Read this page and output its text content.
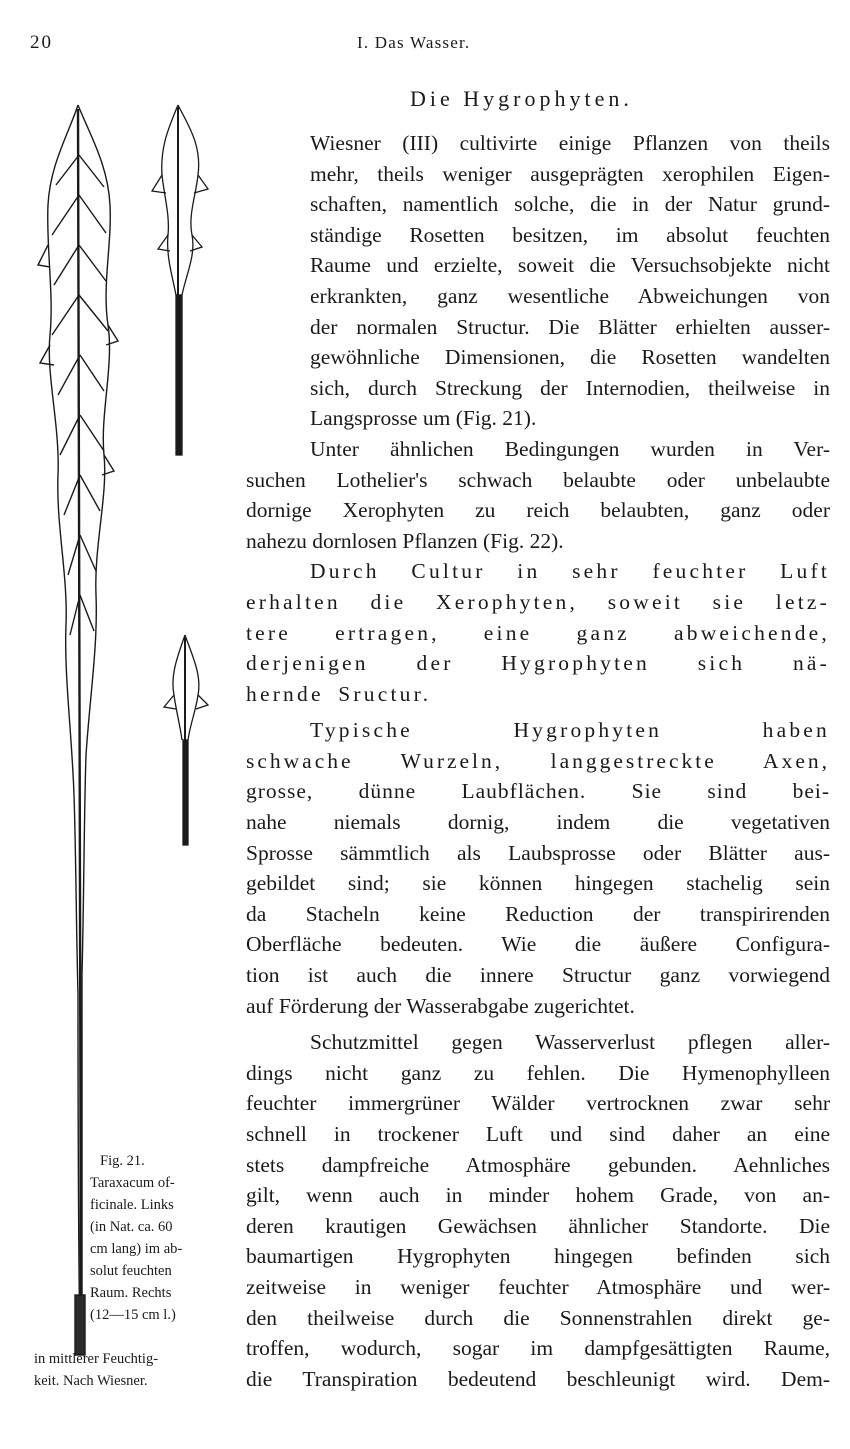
20	I. Das Wasser.
Die Hygrophyten.
Fig. 21.
Taraxacum of-
ficinale. Links
(in Nat. ca. 60
cm lang) im ab-
solut feuchten
Raum. Rechts
(12—15 cm l.)
in mittlerer Feuchtig-
keit. Nach Wiesner.

Wiesner (III) cultivirte einige Pflanzen von theils
mehr, theils weniger ausgeprägten xerophilen Eigen-
schaften, namentlich solche, die in der Natur grund-
ständige Rosetten besitzen, im absolut feuchten
Raume und erzielte, soweit die Versuchsobjekte nicht
erkrankten, ganz wesentliche Abweichungen von
der normalen Structur. Die Blätter erhielten ausser-
gewöhnliche Dimensionen, die Rosetten wandelten
sich, durch Streckung der Internodien, theilweise in
Langsprosse um (Fig. 21).

Unter ähnlichen Bedingungen wurden in Ver-
suchen Lothelier's schwach belaubte oder unbelaubte
dornige Xerophyten zu reich belaubten, ganz oder
nahezu dornlosen Pflanzen (Fig. 22).

Durch Cultur in sehr feuchter Luft
erhalten die Xerophyten, soweit sie letz-
tere ertragen, eine ganz abweichende,
derjenigen der Hygrophyten sich nä-
hernde Sructur.

Typische Hygrophyten haben
schwache Wurzeln, langgestreckte Axen,
grosse, dünne Laubflächen. Sie sind bei-
nahe niemals dornig, indem die vegetativen
Sprosse sämmtlich als Laubsprosse oder Blätter aus-
gebildet sind; sie können hingegen stachelig sein
da Stacheln keine Reduction der transpirirenden
Oberfläche bedeuten. Wie die äußere Configura-
tion ist auch die innere Structur ganz vorwiegend
auf Förderung der Wasserabgabe zugerichtet.

Schutzmittel gegen Wasserverlust pflegen aller-
dings nicht ganz zu fehlen. Die Hymenophylleen
feuchter immergrüner Wälder vertrocknen zwar sehr
schnell in trockener Luft und sind daher an eine
stets dampfreiche Atmosphäre gebunden. Aehnliches
gilt, wenn auch in minder hohem Grade, von an-
deren krautigen Gewächsen ähnlicher Standorte. Die
baumartigen Hygrophyten hingegen befinden sich
zeitweise in weniger feuchter Atmosphäre und wer-
den theilweise durch die Sonnenstrahlen direkt ge-
troffen, wodurch, sogar im dampfgesättigten Raume,
die Transpiration bedeutend beschleunigt wird. Dem-
